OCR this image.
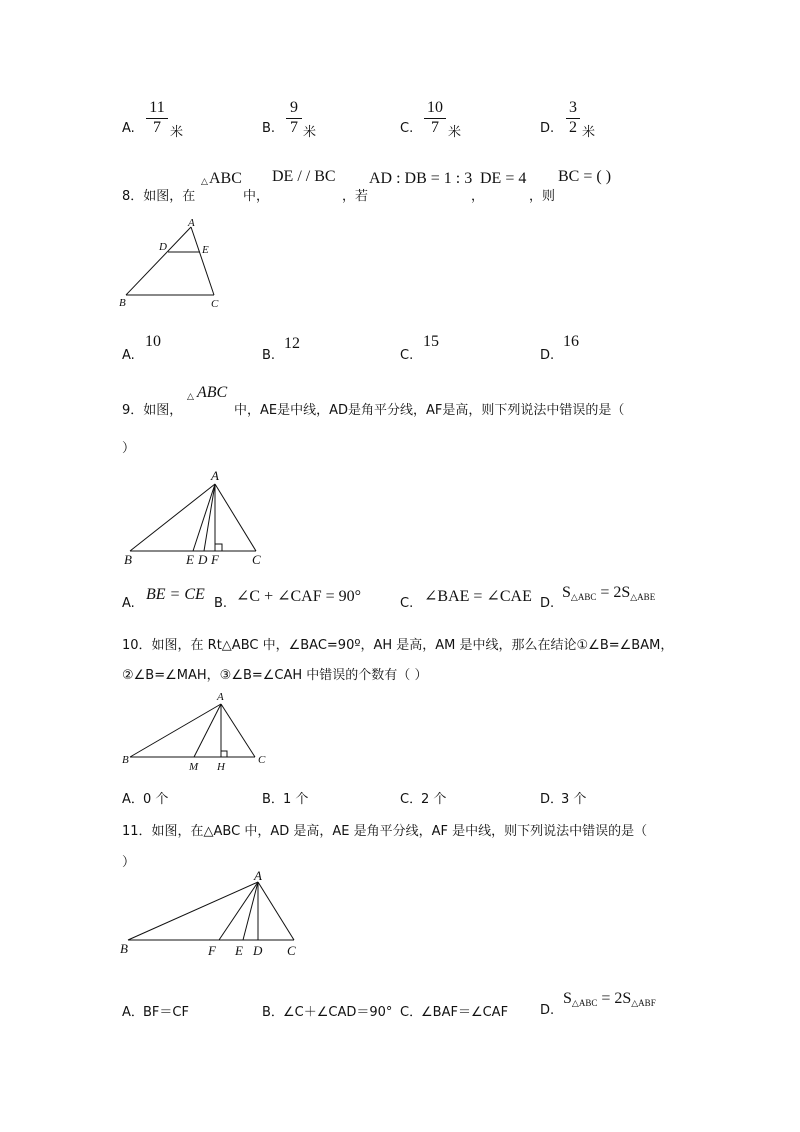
A.
11
7 米	B.
9
7 米	C.
10
7 米	D.
3
2 米
8．如图，在
△ ABC
中，
DE / / BC
，若
AD : DB = 1 : 3
，
DE = 4
，则
BC = ( )
A
D	E
B	C
A.
10
B.
12
C.
15
D.
16
9．如图，
△ ABC
中，AE是中线，AD是角平分线，AF是高，则下列说法中错误的是（
）
A
B	E D F	C
A.
BE = CE
B. ∠C + ∠CAF = 90°	C. ∠BAE = ∠CAE D.
$S_{\triangle ABC} = 2S_{\triangle ABE}$
10．如图，在 Rt△ABC 中，∠BAC=90º，AH 是高，AM 是中线，那么在结论①∠B=∠BAM，
②∠B=∠MAH，③∠B=∠CAH 中错误的个数有（ ）
A
B
M H
C
A． 0 个	B． 1 个	C．
2 个	D．
3 个
11．如图，在△ABC 中，AD 是高，AE 是角平分线，AF 是中线，则下列说法中错误的是（
）
A
B	F E D C
A． BF＝CF	B． ∠C＋∠CAD＝90° C．
∠BAF＝∠CAF D.
$S_{\triangle ABC} = 2S_{\triangle ABF}$
